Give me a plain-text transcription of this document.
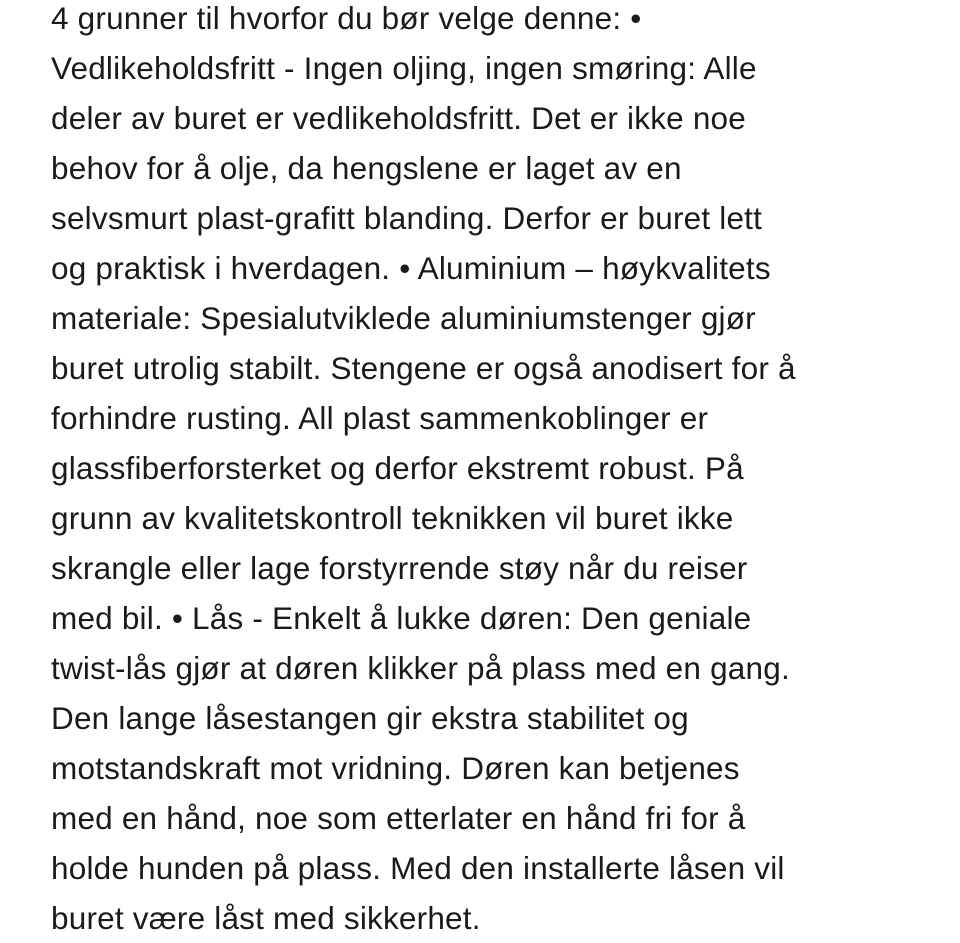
4 grunner til hvorfor du bør velge denne: •
Vedlikeholdsfritt - Ingen oljing, ingen smøring: Alle
deler av buret er vedlikeholdsfritt. Det er ikke noe
behov for å olje, da hengslene er laget av en
selvsmurt plast-grafitt blanding. Derfor er buret lett
og praktisk i hverdagen. • Aluminium – høykvalitets
materiale: Spesialutviklede aluminiumstenger gjør
buret utrolig stabilt. Stengene er også anodisert for å
forhindre rusting. All plast sammenkoblinger er
glassfiberforsterket og derfor ekstremt robust. På
grunn av kvalitetskontroll teknikken vil buret ikke
skrangle eller lage forstyrrende støy når du reiser
med bil. • Lås - Enkelt å lukke døren: Den geniale
twist-lås gjør at døren klikker på plass med en gang.
Den lange låsestangen gir ekstra stabilitet og
motstandskraft mot vridning. Døren kan betjenes
med en hånd, noe som etterlater en hånd fri for å
holde hunden på plass. Med den installerte låsen vil
buret være låst med sikkerhet.
